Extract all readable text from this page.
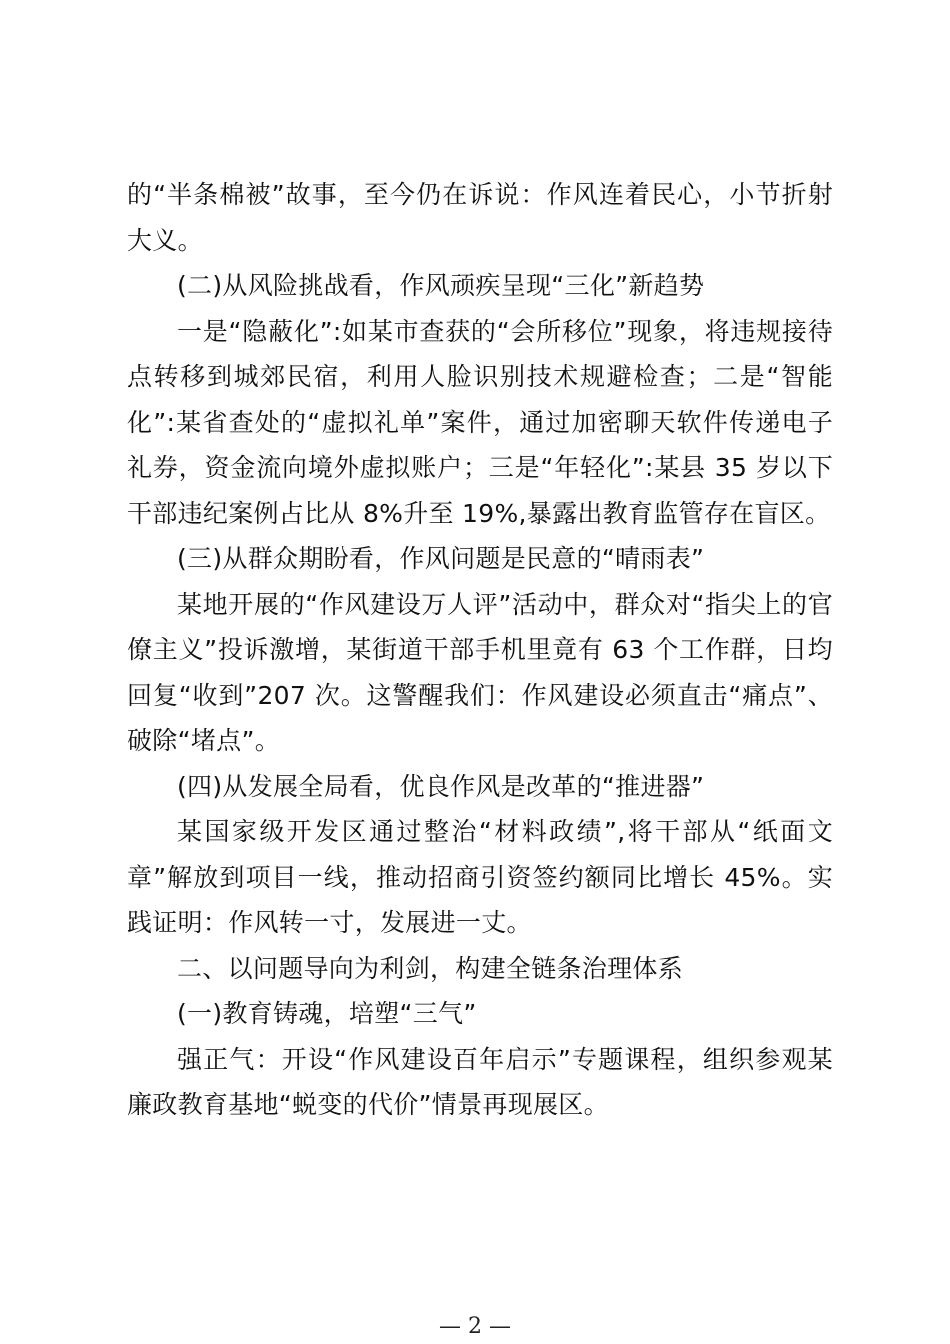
的“半条棉被”故事，至今仍在诉说：作风连着民心，小节折射大义。

(二)从风险挑战看，作风顽疾呈现“三化”新趋势

一是“隐蔽化”:如某市查获的“会所移位”现象，将违规接待点转移到城郊民宿，利用人脸识别技术规避检查；二是“智能化”:某省查处的“虚拟礼单”案件，通过加密聊天软件传递电子礼券，资金流向境外虚拟账户；三是“年轻化”:某县 35 岁以下干部违纪案例占比从 8%升至 19%,暴露出教育监管存在盲区。

(三)从群众期盼看，作风问题是民意的“晴雨表”

某地开展的“作风建设万人评”活动中，群众对“指尖上的官僚主义”投诉激增，某街道干部手机里竟有 63 个工作群，日均回复“收到”207 次。这警醒我们：作风建设必须直击“痛点”、破除“堵点”。

(四)从发展全局看，优良作风是改革的“推进器”

某国家级开发区通过整治“材料政绩”,将干部从“纸面文章”解放到项目一线，推动招商引资签约额同比增长 45%。实践证明：作风转一寸，发展进一丈。

二、以问题导向为利剑，构建全链条治理体系

(一)教育铸魂，培塑“三气”

强正气：开设“作风建设百年启示”专题课程，组织参观某廉政教育基地“蜕变的代价”情景再现展区。

— 2 —
